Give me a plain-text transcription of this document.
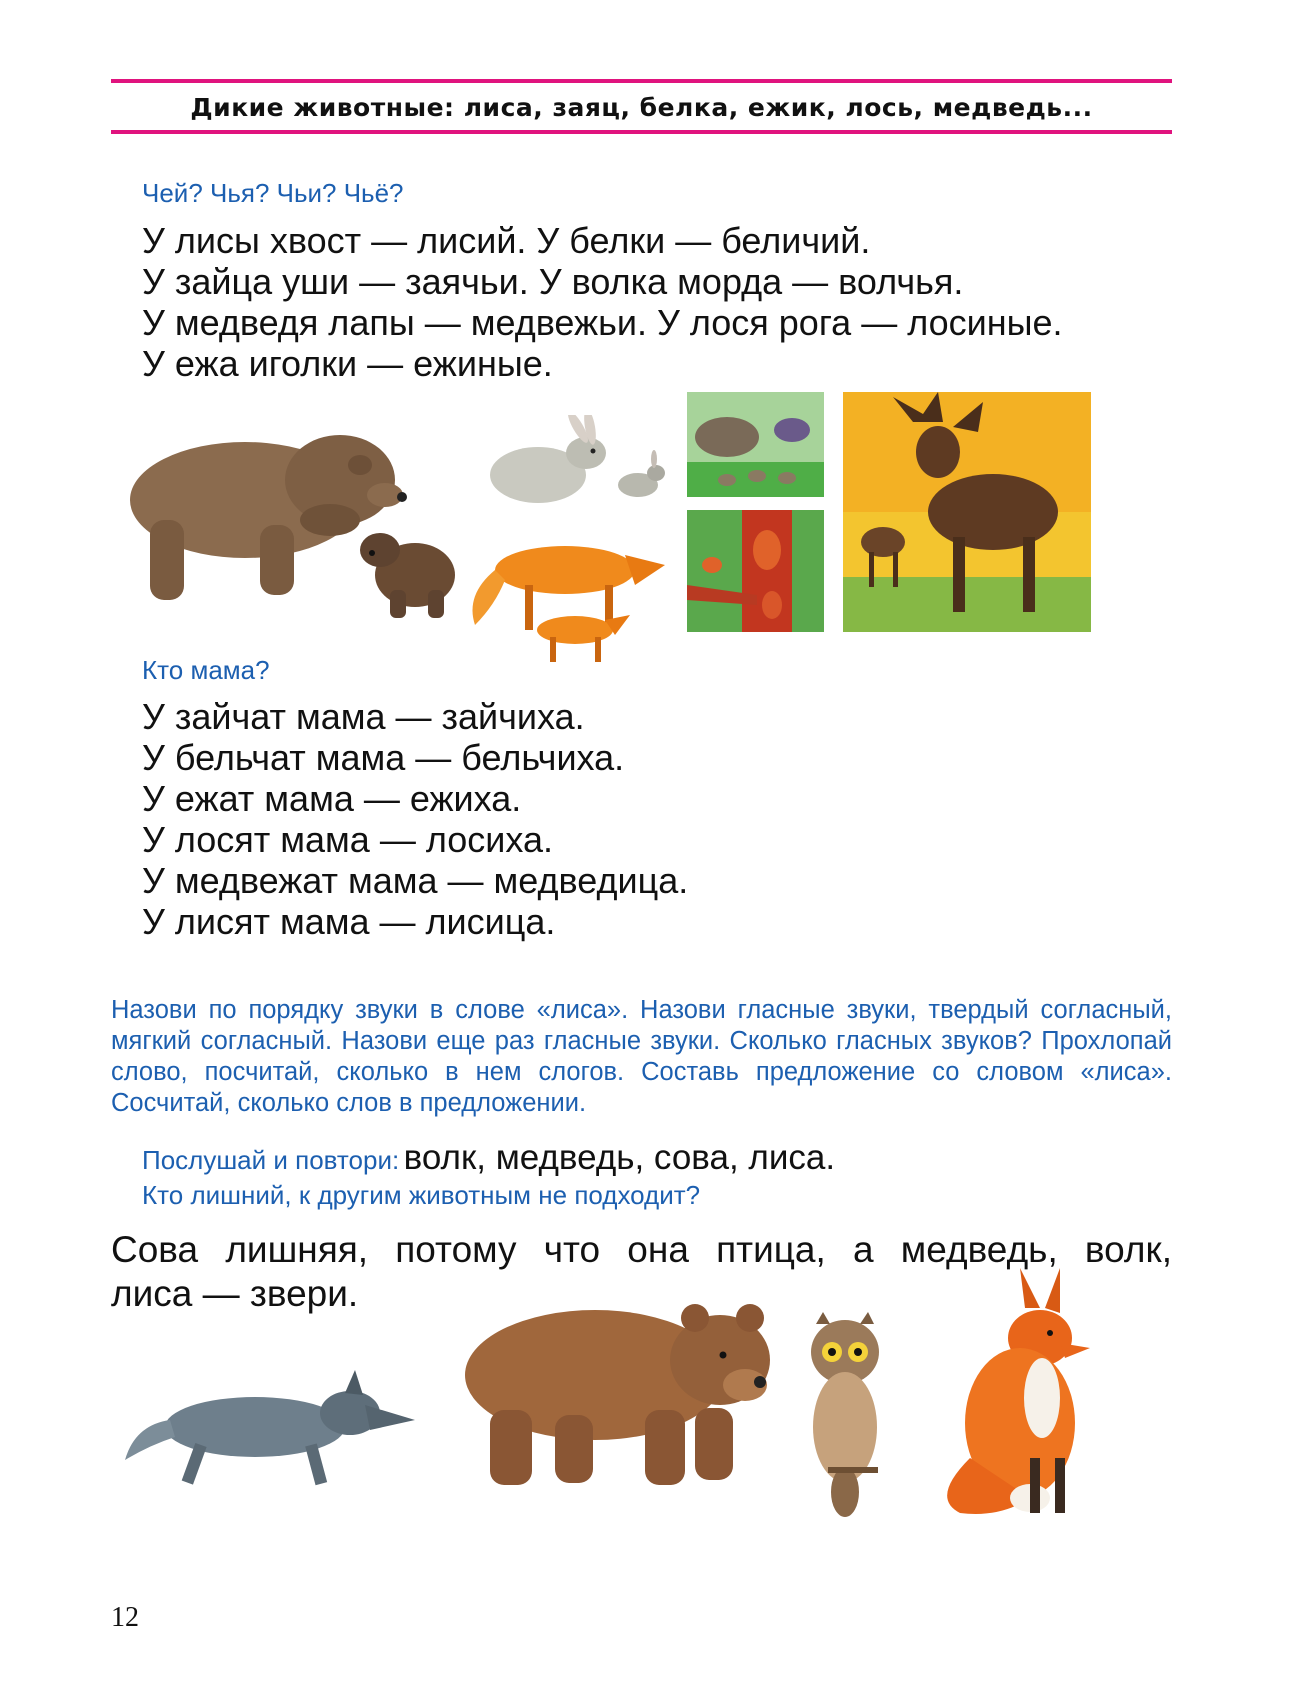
Дикие животные: лиса, заяц, белка, ежик, лось, медведь...
Чей? Чья? Чьи? Чьё?
У лисы хвост — лисий. У белки — беличий.
У зайца уши — заячьи. У волка морда — волчья.
У медведя лапы — медвежьи. У лося рога — лосиные.
У ежа иголки — ежиные.
Кто мама?
У зайчат мама — зайчиха.
У бельчат мама — бельчиха.
У ежат мама — ежиха.
У лосят мама — лосиха.
У медвежат мама — медведица.
У лисят мама — лисица.
Назови по порядку звуки в слове «лиса». Назови гласные звуки, твердый согласный, мягкий согласный. Назови еще раз гласные звуки. Сколько гласных звуков? Прохлопай слово, посчитай, сколько в нем слогов. Составь предложение со словом «лиса». Сосчитай, сколько слов в предложении.
Послушай и повтори: волк, медведь, сова, лиса.
Кто лишний, к другим животным не подходит?
Сова лишняя, потому что она птица, а медведь, волк,
лиса — звери.
12
